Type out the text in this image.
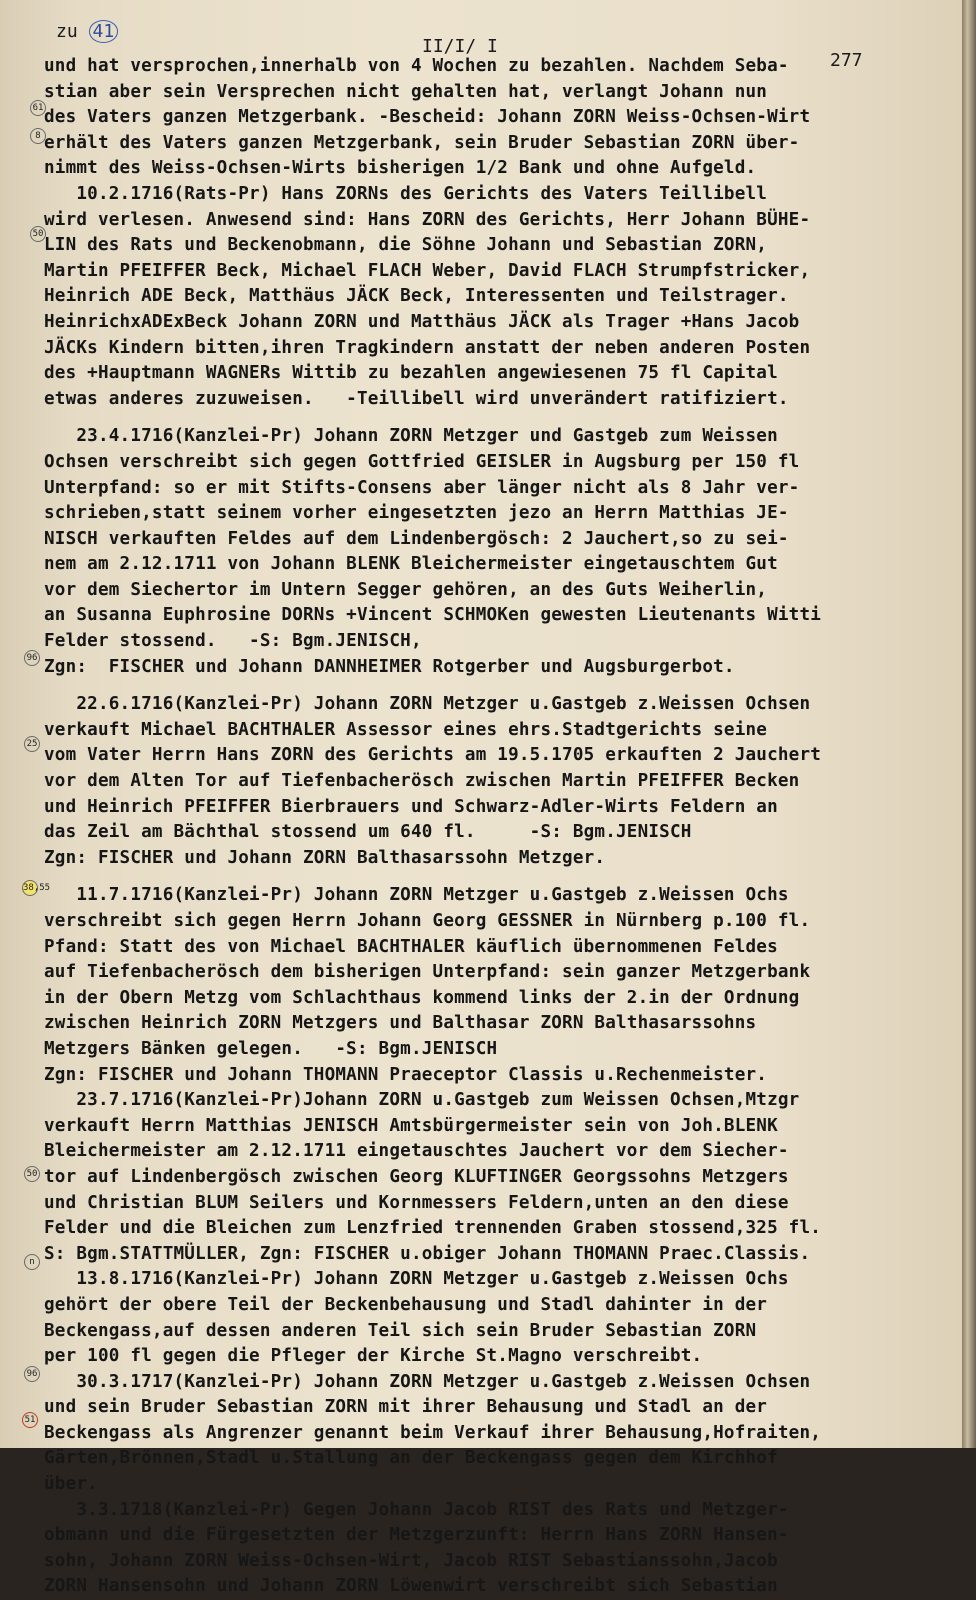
zu 41
II/I/ I
277
61
8
50
96
25
38,55
50
n
96
51
und hat versprochen,innerhalb von 4 Wochen zu bezahlen. Nachdem Seba-
stian aber sein Versprechen nicht gehalten hat, verlangt Johann nun
des Vaters ganzen Metzgerbank. -Bescheid: Johann ZORN Weiss-Ochsen-Wirt
erhält des Vaters ganzen Metzgerbank, sein Bruder Sebastian ZORN über-
nimmt des Weiss-Ochsen-Wirts bisherigen 1/2 Bank und ohne Aufgeld.
10.2.1716(Rats-Pr) Hans ZORNs des Gerichts des Vaters Teillibell
wird verlesen. Anwesend sind: Hans ZORN des Gerichts, Herr Johann BÜHE-
LIN des Rats und Beckenobmann, die Söhne Johann und Sebastian ZORN,
Martin PFEIFFER Beck, Michael FLACH Weber, David FLACH Strumpfstricker,
Heinrich ADE Beck, Matthäus JÄCK Beck, Interessenten und Teilstrager.
HeinrichxADExBeck Johann ZORN und Matthäus JÄCK als Trager +Hans Jacob
JÄCKs Kindern bitten,ihren Tragkindern anstatt der neben anderen Posten
des +Hauptmann WAGNERs Wittib zu bezahlen angewiesenen 75 fl Capital
etwas anderes zuzuweisen.   -Teillibell wird unverändert ratifiziert.
23.4.1716(Kanzlei-Pr) Johann ZORN Metzger und Gastgeb zum Weissen
Ochsen verschreibt sich gegen Gottfried GEISLER in Augsburg per 150 fl
Unterpfand: so er mit Stifts-Consens aber länger nicht als 8 Jahr ver-
schrieben,statt seinem vorher eingesetzten jezo an Herrn Matthias JE-
NISCH verkauften Feldes auf dem Lindenbergösch: 2 Jauchert,so zu sei-
nem am 2.12.1711 von Johann BLENK Bleichermeister eingetauschtem Gut
vor dem Siechertor im Untern Segger gehören, an des Guts Weiherlin,
an Susanna Euphrosine DORNs +Vincent SCHMOKen gewesten Lieutenants Witti
Felder stossend.   -S: Bgm.JENISCH,
Zgn:  FISCHER und Johann DANNHEIMER Rotgerber und Augsburgerbot.
22.6.1716(Kanzlei-Pr) Johann ZORN Metzger u.Gastgeb z.Weissen Ochsen
verkauft Michael BACHTHALER Assessor eines ehrs.Stadtgerichts seine
vom Vater Herrn Hans ZORN des Gerichts am 19.5.1705 erkauften 2 Jauchert
vor dem Alten Tor auf Tiefenbacherösch zwischen Martin PFEIFFER Becken
und Heinrich PFEIFFER Bierbrauers und Schwarz-Adler-Wirts Feldern an
das Zeil am Bächthal stossend um 640 fl.     -S: Bgm.JENISCH
Zgn: FISCHER und Johann ZORN Balthasarssohn Metzger.
11.7.1716(Kanzlei-Pr) Johann ZORN Metzger u.Gastgeb z.Weissen Ochs
verschreibt sich gegen Herrn Johann Georg GESSNER in Nürnberg p.100 fl.
Pfand: Statt des von Michael BACHTHALER käuflich übernommenen Feldes
auf Tiefenbacherösch dem bisherigen Unterpfand: sein ganzer Metzgerbank
in der Obern Metzg vom Schlachthaus kommend links der 2.in der Ordnung
zwischen Heinrich ZORN Metzgers und Balthasar ZORN Balthasarssohns
Metzgers Bänken gelegen.   -S: Bgm.JENISCH
Zgn: FISCHER und Johann THOMANN Praeceptor Classis u.Rechenmeister.
23.7.1716(Kanzlei-Pr)Johann ZORN u.Gastgeb zum Weissen Ochsen,Mtzgr
verkauft Herrn Matthias JENISCH Amtsbürgermeister sein von Joh.BLENK
Bleichermeister am 2.12.1711 eingetauschtes Jauchert vor dem Siecher-
tor auf Lindenbergösch zwischen Georg KLUFTINGER Georgssohns Metzgers
und Christian BLUM Seilers und Kornmessers Feldern,unten an den diese
Felder und die Bleichen zum Lenzfried trennenden Graben stossend,325 fl.
S: Bgm.STATTMÜLLER, Zgn: FISCHER u.obiger Johann THOMANN Praec.Classis.
13.8.1716(Kanzlei-Pr) Johann ZORN Metzger u.Gastgeb z.Weissen Ochs
gehört der obere Teil der Beckenbehausung und Stadl dahinter in der
Beckengass,auf dessen anderen Teil sich sein Bruder Sebastian ZORN
per 100 fl gegen die Pfleger der Kirche St.Magno verschreibt.
30.3.1717(Kanzlei-Pr) Johann ZORN Metzger u.Gastgeb z.Weissen Ochsen
und sein Bruder Sebastian ZORN mit ihrer Behausung und Stadl an der
Beckengass als Angrenzer genannt beim Verkauf ihrer Behausung,Hofraiten,
Gärten,Brönnen,Stadl u.Stallung an der Beckengass gegen dem Kirchhof
über.
3.3.1718(Kanzlei-Pr) Gegen Johann Jacob RIST des Rats und Metzger-
obmann und die Fürgesetzten der Metzgerzunft: Herrn Hans ZORN Hansen-
sohn, Johann ZORN Weiss-Ochsen-Wirt, Jacob RIST Sebastianssohn,Jacob
ZORN Hansensohn und Johann ZORN Löwenwirt verschreibt sich Sebastian
